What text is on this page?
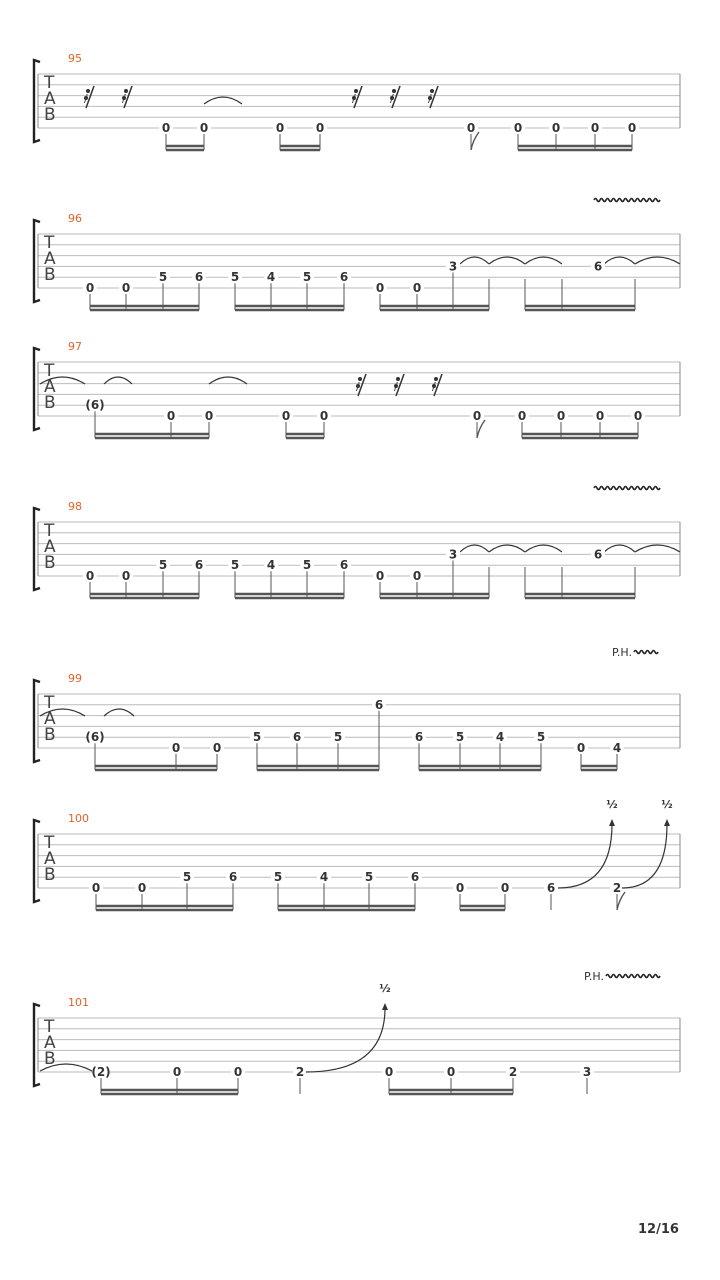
T
A
B
95
0 0	0	0	0	0 0	0 0
T
A
B
96
0 0
5 6 5 4 5 6
0 0
3	6
T
A
B
97
(6)
0 0	0 0	0	0	0	0 0
T
A
B
98
0 0
5 6 5 4 5 6
0 0
3	6
T
A
B
99
(6)
0	0
5	6	5
6
6	5	4	5
0 4
P.H.
T
A
B
100
0	0
5	6	5	4	5	6
0	0	6	2
½	½
T
A
B
101
(2)	0	0	2	0	0	2	3
P.H.
½
12/16
